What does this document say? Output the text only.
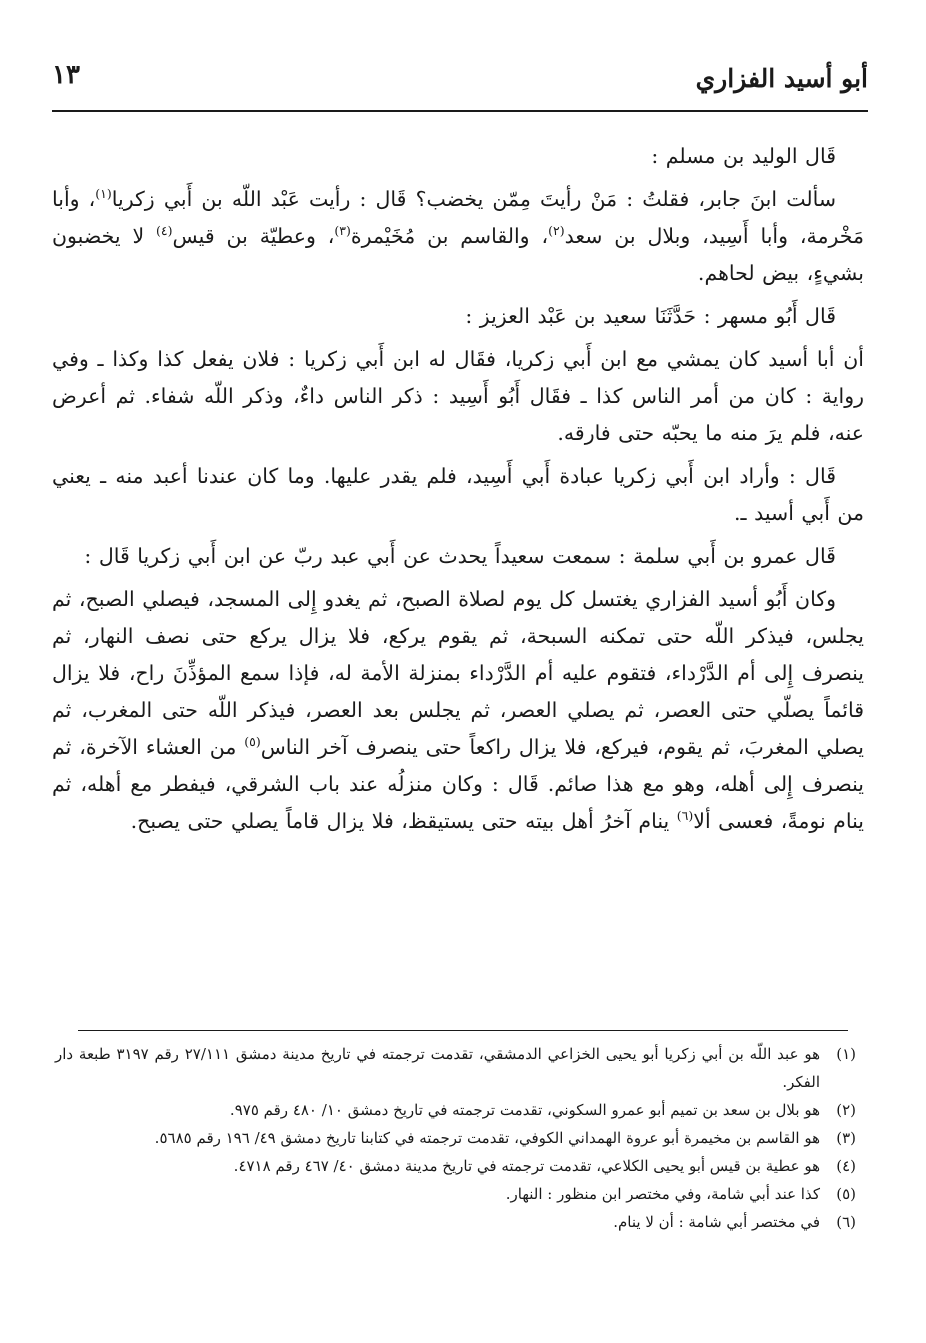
أبو أسيد الفزاري
١٣

قَال الوليد بن مسلم :

سألت ابنَ جابر، فقلتُ : مَنْ رأيتَ مِمّن يخضب؟ قَال : رأيت عَبْد اللّه بن أَبي زكريا$^{(١)}$، وأبا مَخْرمة، وأبا أَسِيد، وبلال بن سعد$^{(٢)}$، والقاسم بن مُخَيْمرة$^{(٣)}$، وعطيّة بن قيس$^{(٤)}$ لا يخضبون بشيءٍ، بيض لحاهم.

قَال أَبُو مسهر : حَدَّثَنَا سعيد بن عَبْد العزيز :

أن أبا أسيد كان يمشي مع ابن أَبي زكريا، فقَال له ابن أَبي زكريا : فلان يفعل كذا وكذا ـ وفي رواية : كان من أمر الناس كذا ـ فقَال أَبُو أَسِيد : ذكر الناس داءٌ، وذكر اللّه شفاء. ثم أعرض عنه، فلم يرَ منه ما يحبّه حتى فارقه.

قَال : وأراد ابن أَبي زكريا عبادة أَبي أَسِيد، فلم يقدر عليها. وما كان عندنا أعبد منه ـ يعني من أَبي أسيد ـ.

قَال عمرو بن أَبي سلمة : سمعت سعيداً يحدث عن أَبي عبد ربّ عن ابن أَبي زكريا قَال :

وكان أَبُو أسيد الفزاري يغتسل كل يوم لصلاة الصبح، ثم يغدو إِلى المسجد، فيصلي الصبح، ثم يجلس، فيذكر اللّه حتى تمكنه السبحة، ثم يقوم يركع، فلا يزال يركع حتى نصف النهار، ثم ينصرف إِلى أم الدَّرْداء، فتقوم عليه أم الدَّرْداء بمنزلة الأمة له، فإذا سمع المؤذِّنَ راح، فلا يزال قائماً يصلّي حتى العصر، ثم يصلي العصر، ثم يجلس بعد العصر، فيذكر اللّه حتى المغرب، ثم يصلي المغربَ، ثم يقوم، فيركع، فلا يزال راكعاً حتى ينصرف آخر الناس$^{(٥)}$ من العشاء الآخرة، ثم ينصرف إِلى أهله، وهو مع هذا صائم. قَال : وكان منزلُه عند باب الشرقي، فيفطر مع أهله، ثم ينام نومةً، فعسى ألا$^{(٦)}$ ينام آخرُ أهل بيته حتى يستيقظ، فلا يزال قاماً يصلي حتى يصبح.

(١)
هو عبد اللّه بن أبي زكريا أبو يحيى الخزاعي الدمشقي، تقدمت ترجمته في تاريخ مدينة دمشق ٢٧/١١١ رقم ٣١٩٧ طبعة دار الفكر.
(٢)
هو بلال بن سعد بن تميم أبو عمرو السكوني، تقدمت ترجمته في تاريخ دمشق ١٠/ ٤٨٠ رقم ٩٧٥.
(٣)
هو القاسم بن مخيمرة أبو عروة الهمداني الكوفي، تقدمت ترجمته في كتابنا تاريخ دمشق ٤٩/ ١٩٦ رقم ٥٦٨٥.
(٤)
هو عطية بن قيس أبو يحيى الكلاعي، تقدمت ترجمته في تاريخ مدينة دمشق ٤٠/ ٤٦٧ رقم ٤٧١٨.
(٥)
كذا عند أبي شامة، وفي مختصر ابن منظور : النهار.
(٦)
في مختصر أبي شامة : أن لا ينام.
